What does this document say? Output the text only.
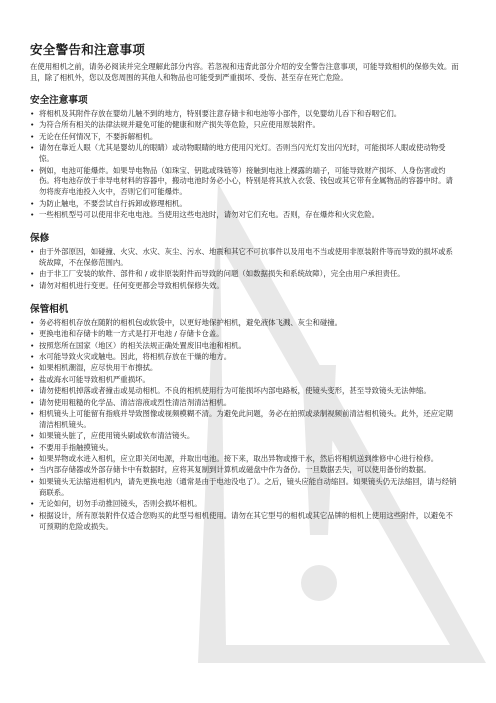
安全警告和注意事项
在使用相机之前，请务必阅读并完全理解此部分内容。若忽视和违背此部分介绍的安全警告注意事项，可能导致相机的保修失效。而且，除了相机外，您以及您周围的其他人和物品也可能受到严重损坏、受伤、甚至存在死亡危险。
安全注意事项
• 将相机及其附件存放在婴幼儿触不到的地方，特别要注意存储卡和电池等小部件，以免婴幼儿吞下和吞咽它们。
• 为符合所有相关的法律法规并避免可能的健康和财产损失等危险，只应使用原装附件。
• 无论在任何情况下，不要拆解相机。
• 请勿在靠近人眼（尤其是婴幼儿的眼睛）或动物眼睛的地方使用闪光灯。否则当闪光灯发出闪光时，可能损坏人眼或使动物受惊。
• 例如，电池可能爆炸。如果导电物品（如珠宝、钥匙或珠链等）接触到电池上裸露的端子，可能导致财产损坏、人身伤害或灼伤。将电池存放于非导电材料的容器中，搬动电池时务必小心，特别是将其放入衣袋、钱包或其它带有金属物品的容器中时。请勿将废弃电池投入火中，否则它们可能爆炸。
• 为防止触电，不要尝试自行拆卸或修理相机。
• 一些相机型号可以使用非充电电池。当使用这些电池时，请勿对它们充电。否则，存在爆炸和火灾危险。
保修
• 由于外部原因，如碰撞、火灾、水灾、灰尘、污水、地震和其它不可抗事件以及用电不当或使用非原装附件等而导致的损坏或系统故障，不在保修范围内。
• 由于非工厂安装的软件、部件和 / 或非原装附件而导致的问题（如数据损失和系统故障），完全由用户承担责任。
• 请勿对相机进行变更。任何变更都会导致相机保修失效。
保管相机
• 务必将相机存放在随附的相机包或软袋中，以更好地保护相机，避免液体飞溅、灰尘和碰撞。
• 更换电池和存储卡的唯一方式是打开电池 / 存储卡仓盖。
• 按照您所在国家（地区）的相关法规正确处置废旧电池和相机。
• 水可能导致火灾或触电。因此，将相机存放在干燥的地方。
• 如果相机潮湿，应尽快用干布擦拭。
• 盐或海水可能导致相机严重损坏。
• 请勿使相机掉落或者撞击或晃动相机。不良的相机使用行为可能损坏内部电路板，使镜头变形，甚至导致镜头无法伸缩。
• 请勿使用粗糙的化学品、清洁溶液或烈性清洁剂清洁相机。
• 相机镜头上可能留有指痕并导致图像或视频模糊不清。为避免此问题，务必在拍照或录制视频前清洁相机镜头。此外，还应定期清洁相机镜头。
• 如果镜头脏了，应使用镜头刷或软布清洁镜头。
• 不要用手指触摸镜头。
• 如果异物或水进入相机，应立即关闭电源，并取出电池。接下来，取出异物或擦干水，然后将相机送到维修中心进行检修。
• 当内部存储器或外部存储卡中有数据时，应将其复制到计算机或磁盘中作为备份。一旦数据丢失，可以使用备份的数据。
• 如果镜头无法缩进相机内，请先更换电池（通常是由于电池没电了）。之后，镜头应能自动缩回。如果镜头仍无法缩回，请与经销商联系。
• 无论如何，切勿手动推回镜头，否则会损坏相机。
• 根据设计，所有原装附件仅适合您购买的此型号相机使用。请勿在其它型号的相机或其它品牌的相机上使用这些附件，以避免不可预期的危险或损失。
